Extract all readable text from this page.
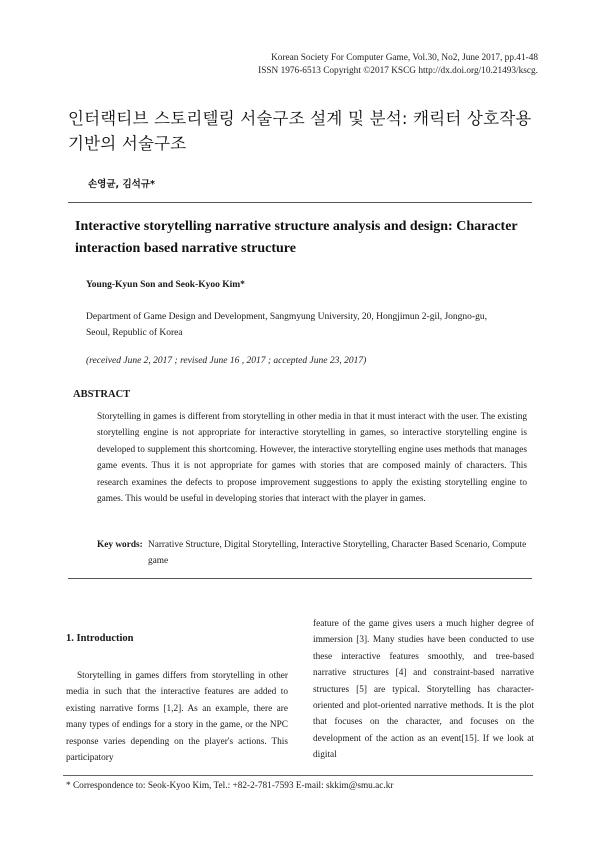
Korean Society For Computer Game, Vol.30, No2, June 2017, pp.41-48
ISSN 1976-6513 Copyright ©2017 KSCG http://dx.doi.org/10.21493/kscg.
인터랙티브 스토리텔링 서술구조 설계 및 분석: 캐릭터 상호작용 기반의 서술구조
손영균, 김석규*
Interactive storytelling narrative structure analysis and design: Character interaction based narrative structure
Young-Kyun Son and Seok-Kyoo Kim*
Department of Game Design and Development, Sangmyung University, 20, Hongjimun 2-gil, Jongno-gu, Seoul, Republic of Korea
(received June 2, 2017 ; revised June 16 , 2017 ; accepted June 23, 2017)
ABSTRACT
Storytelling in games is different from storytelling in other media in that it must interact with the user. The existing storytelling engine is not appropriate for interactive storytelling in games, so interactive storytelling engine is developed to supplement this shortcoming. However, the interactive storytelling engine uses methods that manages game events. Thus it is not appropriate for games with stories that are composed mainly of characters. This research examines the defects to propose improvement suggestions to apply the existing storytelling engine to games. This would be useful in developing stories that interact with the player in games.
Key words: Narrative Structure, Digital Storytelling, Interactive Storytelling, Character Based Scenario, Compute game
1. Introduction

Storytelling in games differs from storytelling in other media in such that the interactive features are added to existing narrative forms [1,2]. As an example, there are many types of endings for a story in the game, or the NPC response varies depending on the player's actions. This participatory

feature of the game gives users a much higher degree of immersion [3]. Many studies have been conducted to use these interactive features smoothly, and tree-based narrative structures [4] and constraint-based narrative structures [5] are typical. Storytelling has character-oriented and plot-oriented narrative methods. It is the plot that focuses on the character, and focuses on the development of the action as an event[15]. If we look at digital

* Correspondence to: Seok-Kyoo Kim, Tel.: +82-2-781-7593 E-mail: skkim@smu.ac.kr
